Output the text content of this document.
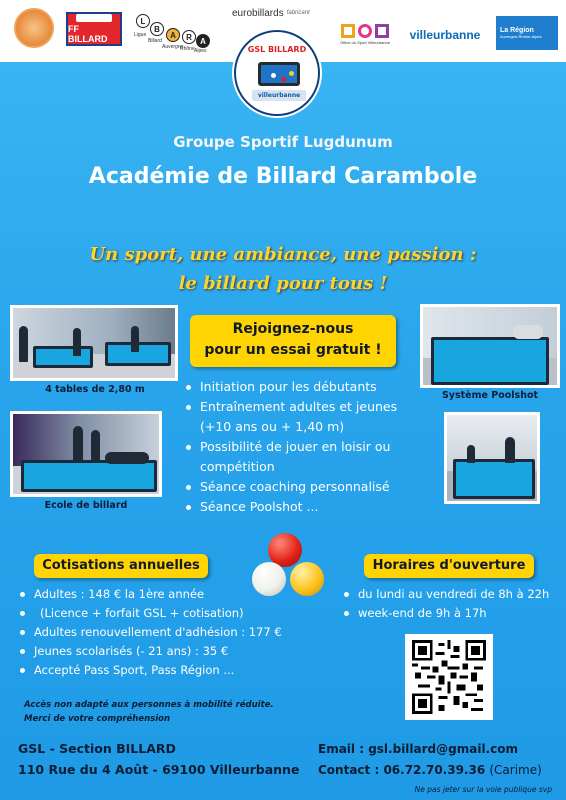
FF BILLARD
L
B
A	R	A
Ligue
Billard
Auvergne
Rhône Alpes
eurobillards fabricant
Office du Sport Villeurbanne villeurbanne	La Région
Auvergne-Rhône-Alpes
GSL BILLARD
villeurbanne
Groupe Sportif Lugdunum
Académie de Billard Carambole
Un sport, une ambiance, une passion :
le billard pour tous !
4 tables de 2,80 m
Ecole de billard
Système Poolshot
Rejoignez-nous
pour un essai gratuit !
Initiation pour les débutants
Entraînement adultes et jeunes (+10 ans ou + 1,40 m)
Possibilité de jouer en loisir ou compétition
Séance coaching personnalisé
Séance Poolshot ...
Cotisations annuelles
Adultes : 148 € la 1ère année
(Licence + forfait GSL + cotisation)
Adultes renouvellement d'adhésion : 177 €
Jeunes scolarisés (- 21 ans) : 35 €
Accepté Pass Sport, Pass Région ...
Horaires d'ouverture
du lundi au vendredi de 8h à 22h
week-end de 9h à 17h
Accès non adapté aux personnes à mobilité réduite.
Merci de votre compréhension
GSL - Section BILLARD
110 Rue du 4 Août - 69100 Villeurbanne
Email : gsl.billard@gmail.com
Contact : 06.72.70.39.36 (Carime)
Ne pas jeter sur la voie publique svp
